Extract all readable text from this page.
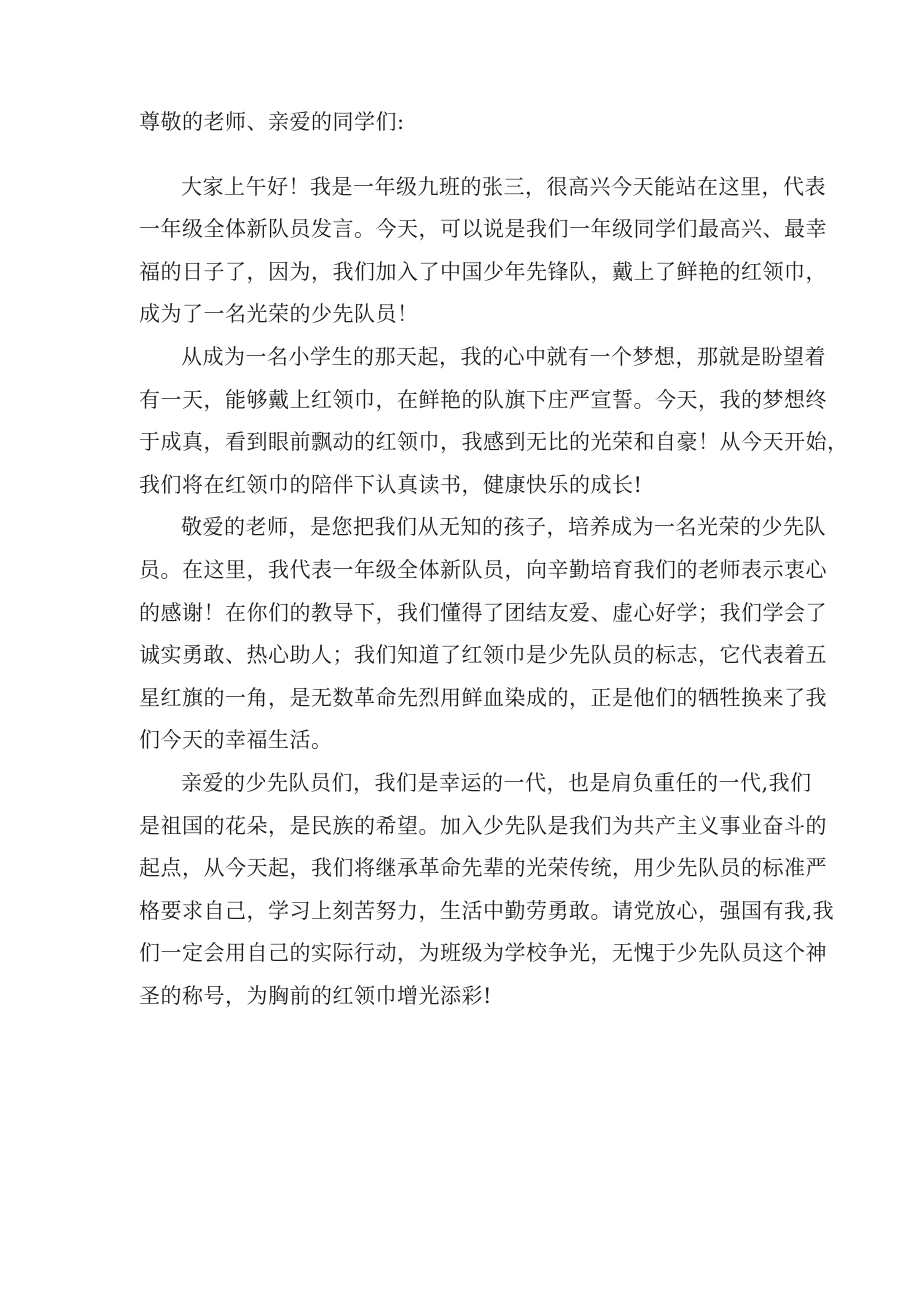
尊敬的老师、亲爱的同学们:
大家上午好！我是一年级九班的张三，很高兴今天能站在这里，代表
一年级全体新队员发言。今天，可以说是我们一年级同学们最高兴、最幸
福的日子了，因为，我们加入了中国少年先锋队，戴上了鲜艳的红领巾，
成为了一名光荣的少先队员！
从成为一名小学生的那天起，我的心中就有一个梦想，那就是盼望着
有一天，能够戴上红领巾，在鲜艳的队旗下庄严宣誓。今天，我的梦想终
于成真，看到眼前飘动的红领巾，我感到无比的光荣和自豪！从今天开始，
我们将在红领巾的陪伴下认真读书，健康快乐的成长!
敬爱的老师，是您把我们从无知的孩子，培养成为一名光荣的少先队
员。在这里，我代表一年级全体新队员，向辛勤培育我们的老师表示衷心
的感谢！在你们的教导下，我们懂得了团结友爱、虚心好学；我们学会了
诚实勇敢、热心助人；我们知道了红领巾是少先队员的标志，它代表着五
星红旗的一角，是无数革命先烈用鲜血染成的，正是他们的牺牲换来了我
们今天的幸福生活。
亲爱的少先队员们，我们是幸运的一代，也是肩负重任的一代,我们
是祖国的花朵，是民族的希望。加入少先队是我们为共产主义事业奋斗的
起点，从今天起，我们将继承革命先辈的光荣传统，用少先队员的标准严
格要求自己，学习上刻苦努力，生活中勤劳勇敢。请党放心，强国有我,我
们一定会用自己的实际行动，为班级为学校争光，无愧于少先队员这个神
圣的称号，为胸前的红领巾增光添彩!
